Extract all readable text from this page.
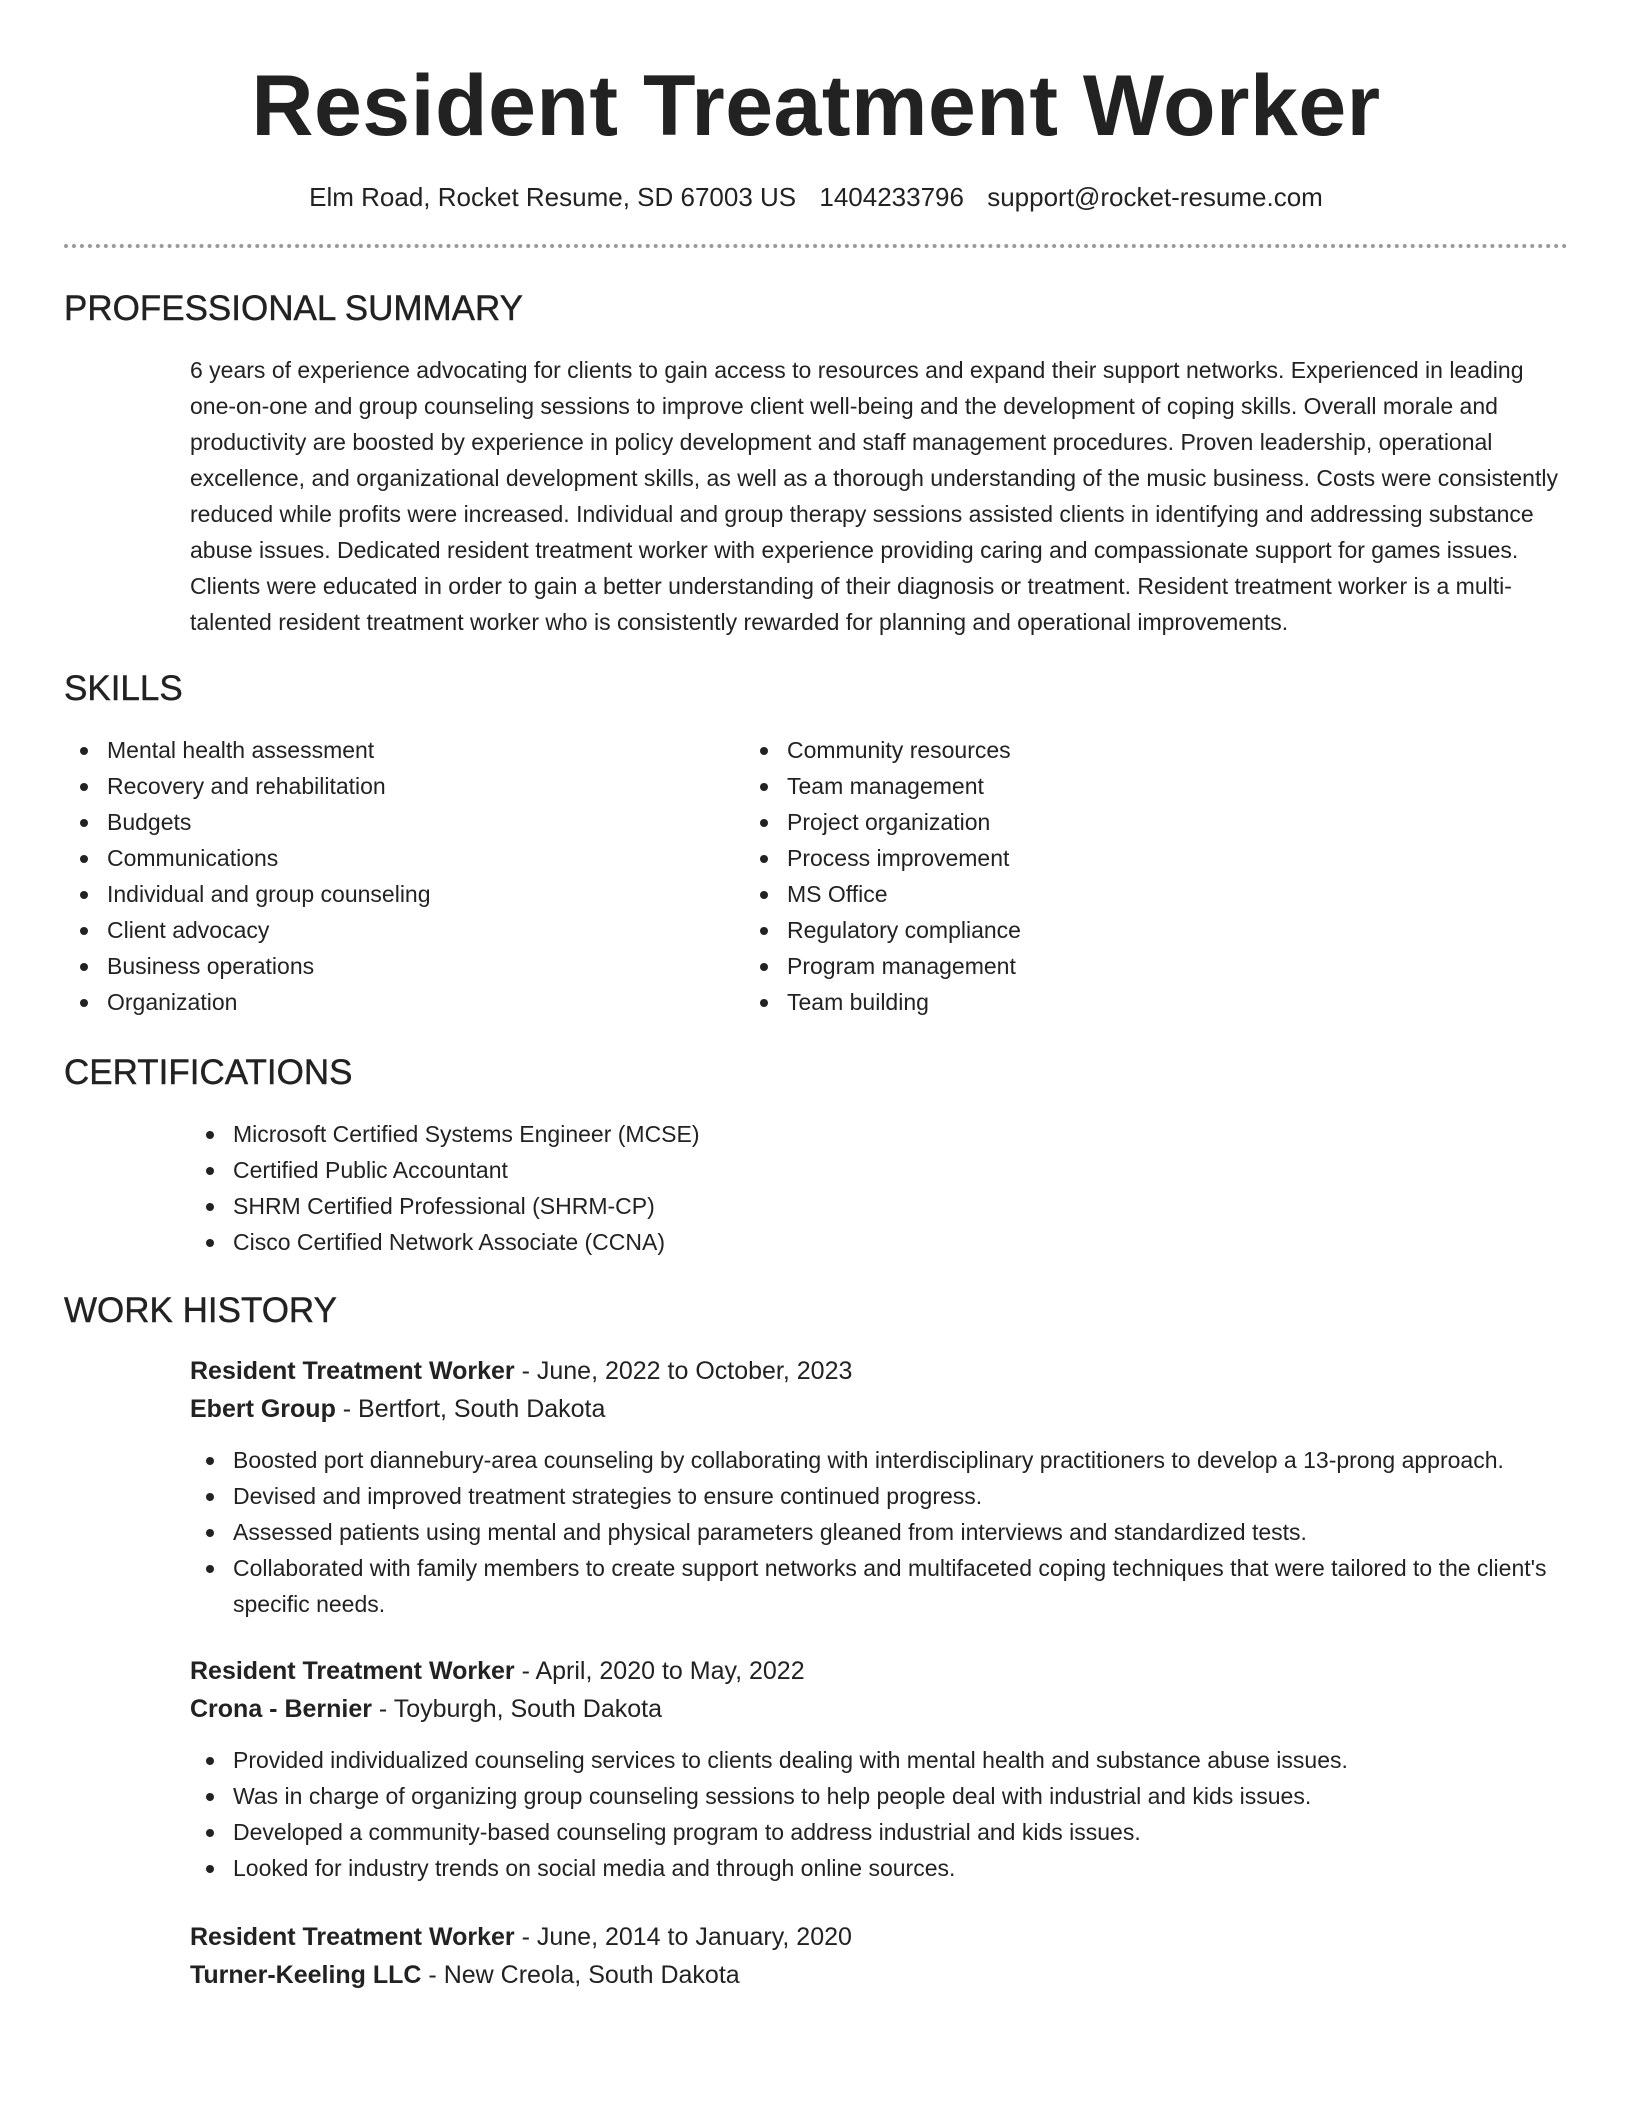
Resident Treatment Worker
Elm Road, Rocket Resume, SD 67003 US 1404233796 support@rocket-resume.com
PROFESSIONAL SUMMARY

6 years of experience advocating for clients to gain access to resources and expand their support networks. Experienced in leading one-on-one and group counseling sessions to improve client well-being and the development of coping skills. Overall morale and productivity are boosted by experience in policy development and staff management procedures. Proven leadership, operational excellence, and organizational development skills, as well as a thorough understanding of the music business. Costs were consistently reduced while profits were increased. Individual and group therapy sessions assisted clients in identifying and addressing substance abuse issues. Dedicated resident treatment worker with experience providing caring and compassionate support for games issues. Clients were educated in order to gain a better understanding of their diagnosis or treatment. Resident treatment worker is a multi-talented resident treatment worker who is consistently rewarded for planning and operational improvements.

SKILLS
Mental health assessment
Recovery and rehabilitation
Budgets
Communications
Individual and group counseling
Client advocacy
Business operations
Organization
Community resources
Team management
Project organization
Process improvement
MS Office
Regulatory compliance
Program management
Team building
CERTIFICATIONS
Microsoft Certified Systems Engineer (MCSE)
Certified Public Accountant
SHRM Certified Professional (SHRM-CP)
Cisco Certified Network Associate (CCNA)
WORK HISTORY
Resident Treatment Worker - June, 2022 to October, 2023
Ebert Group - Bertfort, South Dakota
Boosted port diannebury-area counseling by collaborating with interdisciplinary practitioners to develop a 13-prong approach.
Devised and improved treatment strategies to ensure continued progress.
Assessed patients using mental and physical parameters gleaned from interviews and standardized tests.
Collaborated with family members to create support networks and multifaceted coping techniques that were tailored to the client's specific needs.
Resident Treatment Worker - April, 2020 to May, 2022
Crona - Bernier - Toyburgh, South Dakota
Provided individualized counseling services to clients dealing with mental health and substance abuse issues.
Was in charge of organizing group counseling sessions to help people deal with industrial and kids issues.
Developed a community-based counseling program to address industrial and kids issues.
Looked for industry trends on social media and through online sources.
Resident Treatment Worker - June, 2014 to January, 2020
Turner-Keeling LLC - New Creola, South Dakota
